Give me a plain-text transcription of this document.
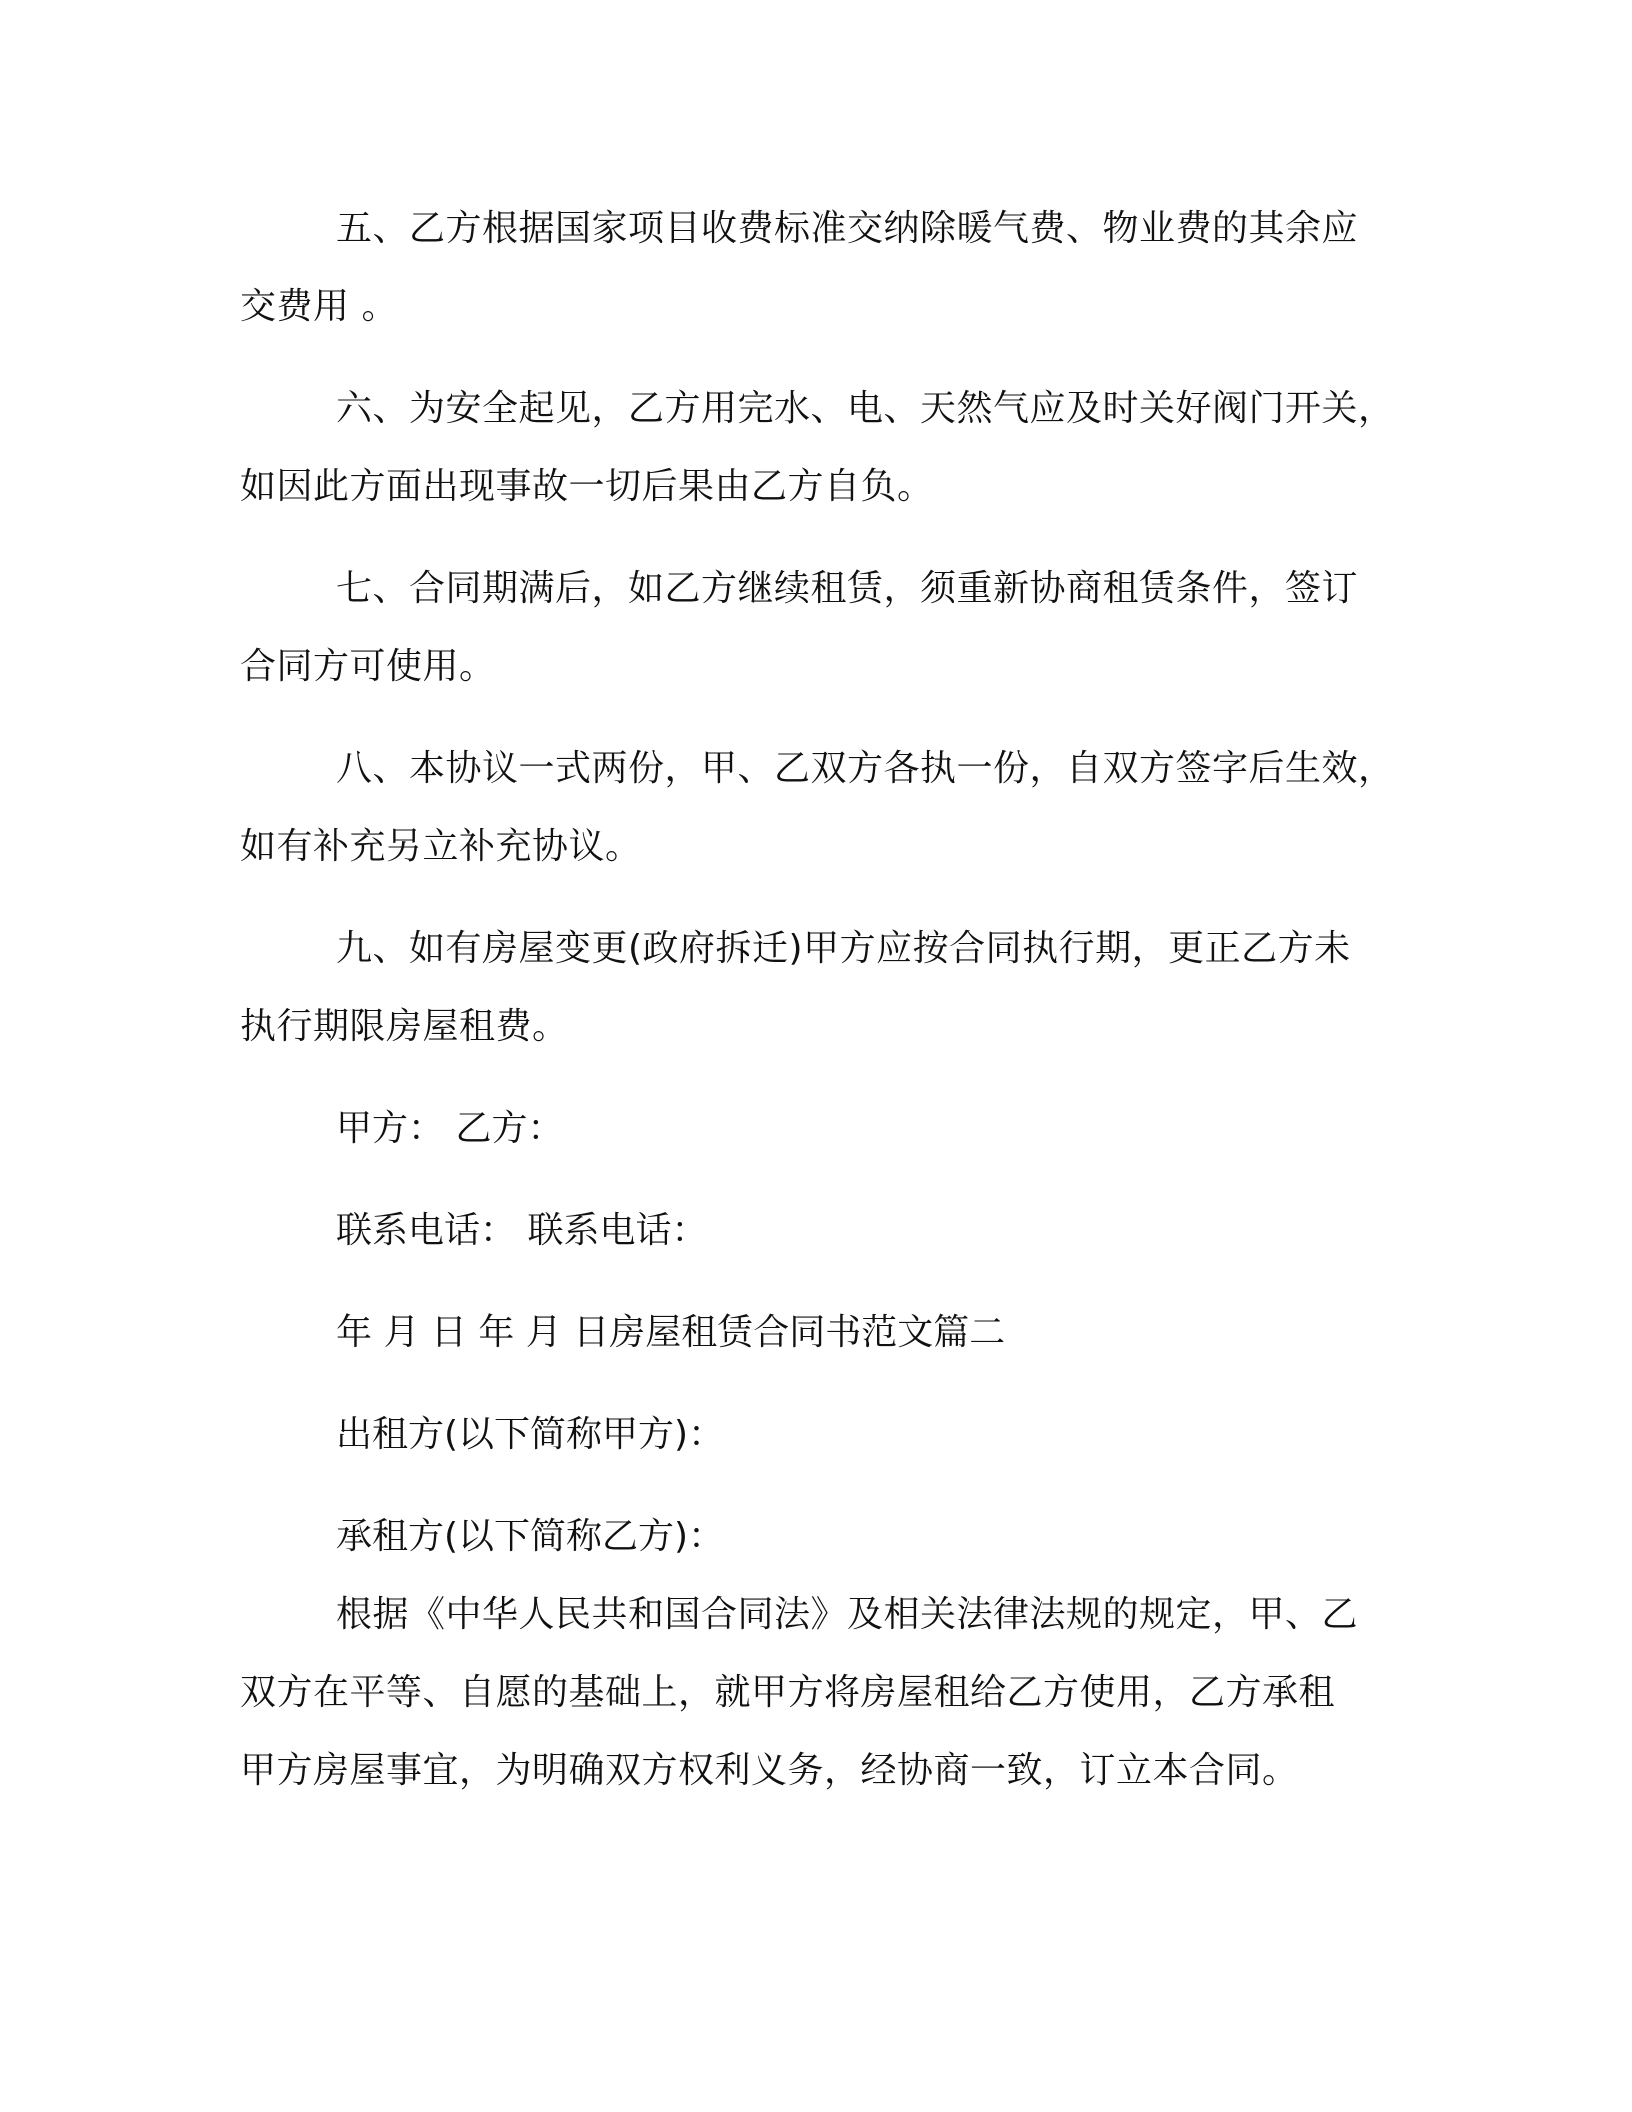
五、乙方根据国家项目收费标准交纳除暖气费、物业费的其余应
交费用 。

六、为安全起见，乙方用完水、电、天然气应及时关好阀门开关，
如因此方面出现事故一切后果由乙方自负。

七、合同期满后，如乙方继续租赁，须重新协商租赁条件，签订
合同方可使用。

八、本协议一式两份，甲、乙双方各执一份，自双方签字后生效，
如有补充另立补充协议。

九、如有房屋变更(政府拆迁)甲方应按合同执行期，更正乙方未
执行期限房屋租费。

甲方： 乙方：

联系电话： 联系电话：

年 月 日 年 月 日房屋租赁合同书范文篇二

出租方(以下简称甲方)：

承租方(以下简称乙方)：

根据《中华人民共和国合同法》及相关法律法规的规定，甲、乙
双方在平等、自愿的基础上，就甲方将房屋租给乙方使用，乙方承租
甲方房屋事宜，为明确双方权利义务，经协商一致，订立本合同。
